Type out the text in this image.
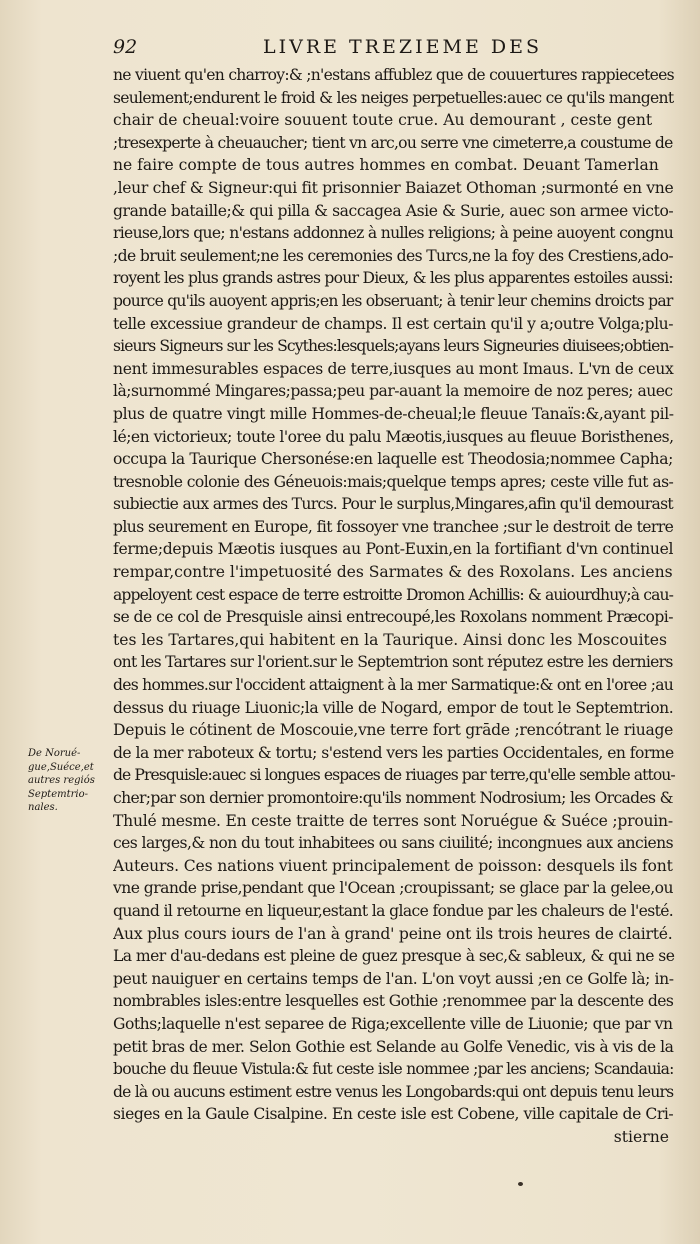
92	LIVRE TREZIEME DES
ne viuent qu'en charroy:& ;n'estans affublez que de couuertures rappiecetees
seulement;endurent le froid & les neiges perpetuelles:auec ce qu'ils mangent
chair de cheual:voire souuent toute crue. Au demourant , ceste gent
;tresexperte à cheuaucher; tient vn arc,ou serre vne cimeterre,a coustume de
ne faire compte de tous autres hommes en combat. Deuant Tamerlan
,leur chef & Signeur:qui fit prisonnier Baiazet Othoman ;surmonté en vne
grande bataille;& qui pilla & saccagea Asie & Surie, auec son armee victo-
rieuse,lors que; n'estans addonnez à nulles religions; à peine auoyent congnu
;de bruit seulement;ne les ceremonies des Turcs,ne la foy des Crestiens,ado-
royent les plus grands astres pour Dieux, & les plus apparentes estoiles aussi:
pource qu'ils auoyent appris;en les obseruant; à tenir leur chemins droicts par
telle excessiue grandeur de champs. Il est certain qu'il y a;outre Volga;plu-
sieurs Signeurs sur les Scythes:lesquels;ayans leurs Signeuries diuisees;obtien-
nent immesurables espaces de terre,iusques au mont Imaus. L'vn de ceux
là;surnommé Mingares;passa;peu par-auant la memoire de noz peres; auec
plus de quatre vingt mille Hommes-de-cheual;le fleuue Tanaïs:&,ayant pil-
lé;en victorieux; toute l'oree du palu Mæotis,iusques au fleuue Boristhenes,
occupa la Taurique Chersonése:en laquelle est Theodosia;nommee Capha;
tresnoble colonie des Géneuois:mais;quelque temps apres; ceste ville fut as-
subiectie aux armes des Turcs. Pour le surplus,Mingares,afin qu'il demourast
plus seurement en Europe, fit fossoyer vne tranchee ;sur le destroit de terre
ferme;depuis Mæotis iusques au Pont-Euxin,en la fortifiant d'vn continuel
rempar,contre l'impetuosité des Sarmates & des Roxolans. Les anciens
appeloyent cest espace de terre estroitte Dromon Achillis: & auiourdhuy;à cau-
se de ce col de Presquisle ainsi entrecoupé,les Roxolans nomment Præcopi-
tes les Tartares,qui habitent en la Taurique. Ainsi donc les Moscouites
ont les Tartares sur l'orient.sur le Septemtrion sont réputez estre les derniers
des hommes.sur l'occident attaignent à la mer Sarmatique:& ont en l'oree ;au
dessus du riuage Liuonic;la ville de Nogard, empor de tout le Septemtrion.
Depuis le cótinent de Moscouie,vne terre fort grāde ;rencótrant le riuage
de la mer raboteux & tortu; s'estend vers les parties Occidentales, en forme
de Presquisle:auec si longues espaces de riuages par terre,qu'elle semble attou-
cher;par son dernier promontoire:qu'ils nomment Nodrosium; les Orcades &
Thulé mesme. En ceste traitte de terres sont Noruégue & Suéce ;prouin-
ces larges,& non du tout inhabitees ou sans ciuilité; incongnues aux anciens
Auteurs. Ces nations viuent principalement de poisson: desquels ils font
vne grande prise,pendant que l'Ocean ;croupissant; se glace par la gelee,ou
quand il retourne en liqueur,estant la glace fondue par les chaleurs de l'esté.
Aux plus cours iours de l'an à grand' peine ont ils trois heures de clairté.
La mer d'au-dedans est pleine de guez presque à sec,& sableux, & qui ne se
peut nauiguer en certains temps de l'an. L'on voyt aussi ;en ce Golfe là; in-
nombrables isles:entre lesquelles est Gothie ;renommee par la descente des
Goths;laquelle n'est separee de Riga;excellente ville de Liuonie; que par vn
petit bras de mer. Selon Gothie est Selande au Golfe Venedic, vis à vis de la
bouche du fleuue Vistula:& fut ceste isle nommee ;par les anciens; Scandauia:
de là ou aucuns estiment estre venus les Longobards:qui ont depuis tenu leurs
sieges en la Gaule Cisalpine. En ceste isle est Cobene, ville capitale de Cri-
stierne
De Norué-
gue,Suéce,et
autres regiós
Septemtrio-
nales.
